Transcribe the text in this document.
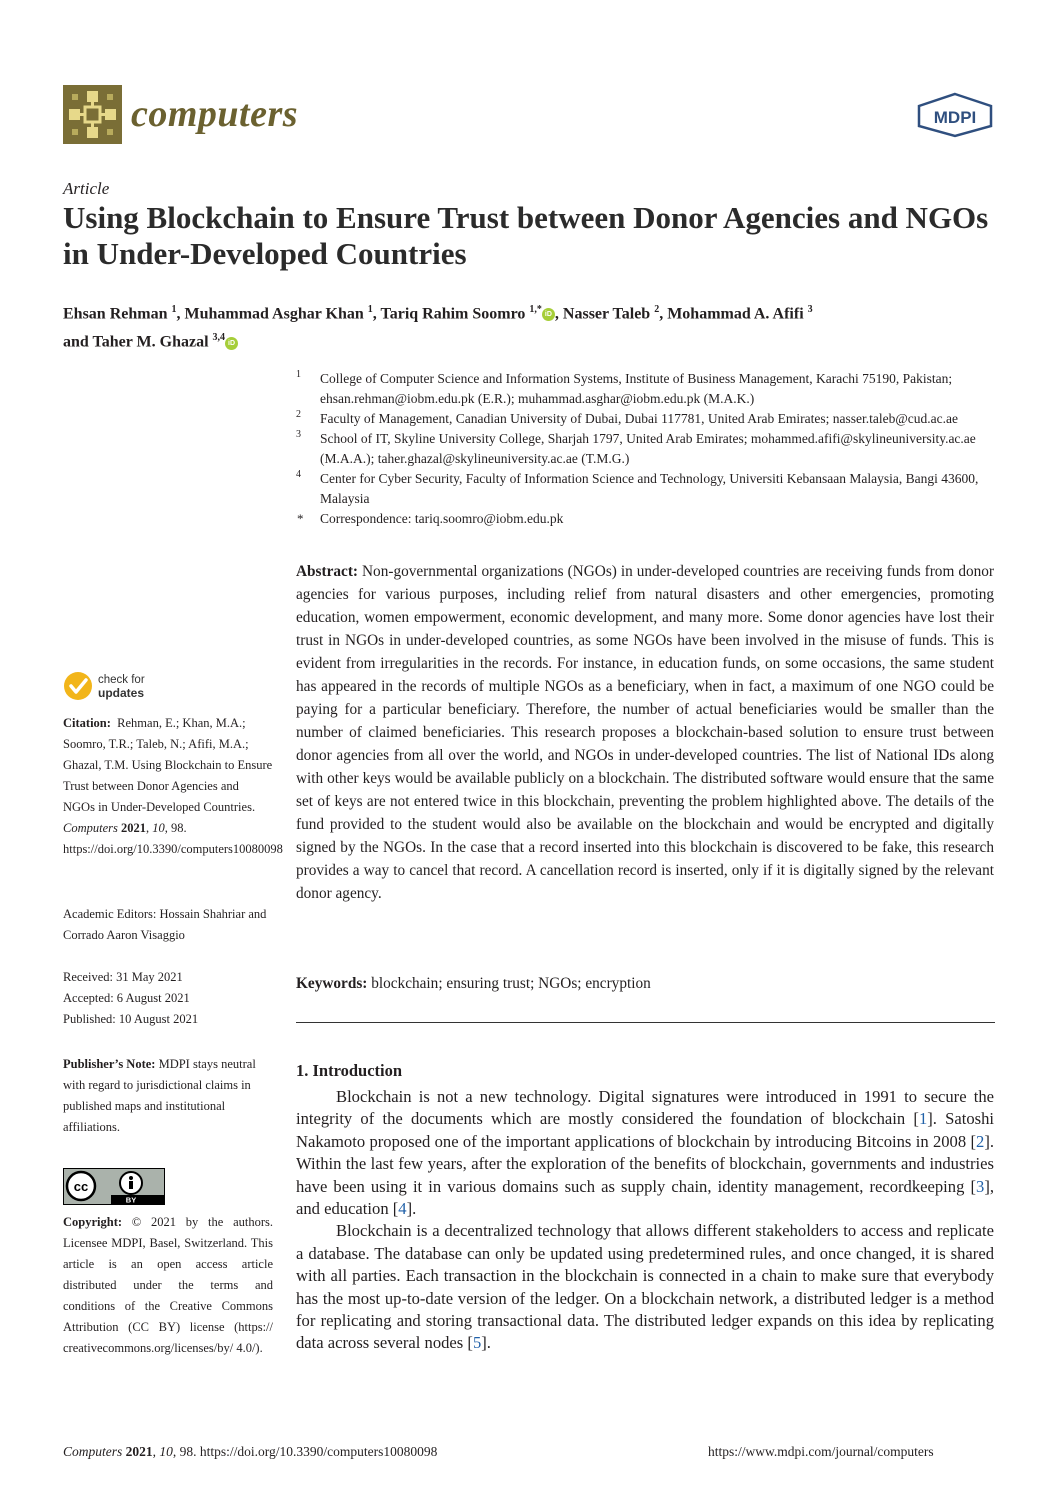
computers	MDPI
Article
Using Blockchain to Ensure Trust between Donor Agencies and NGOs in Under-Developed Countries
Ehsan Rehman $^1$, Muhammad Asghar Khan $^1$, Tariq Rahim Soomro $^{1,*}$ iD , Nasser Taleb $^2$, Mohammad A. Afifi $^3$
and Taher M. Ghazal $^{3,4}$ iD
1 College of Computer Science and Information Systems, Institute of Business Management, Karachi 75190, Pakistan; ehsan.rehman@iobm.edu.pk (E.R.); muhammad.asghar@iobm.edu.pk (M.A.K.)
2 Faculty of Management, Canadian University of Dubai, Dubai 117781, United Arab Emirates; nasser.taleb@cud.ac.ae
3 School of IT, Skyline University College, Sharjah 1797, United Arab Emirates; mohammed.afifi@skylineuniversity.ac.ae (M.A.A.); taher.ghazal@skylineuniversity.ac.ae (T.M.G.)
4 Center for Cyber Security, Faculty of Information Science and Technology, Universiti Kebansaan Malaysia, Bangi 43600, Malaysia
* Correspondence: tariq.soomro@iobm.edu.pk
Abstract: Non-governmental organizations (NGOs) in under-developed countries are receiving funds from donor agencies for various purposes, including relief from natural disasters and other emergencies, promoting education, women empowerment, economic development, and many more. Some donor agencies have lost their trust in NGOs in under-developed countries, as some NGOs have been involved in the misuse of funds. This is evident from irregularities in the records. For instance, in education funds, on some occasions, the same student has appeared in the records of multiple NGOs as a beneficiary, when in fact, a maximum of one NGO could be paying for a particular beneficiary. Therefore, the number of actual beneficiaries would be smaller than the number of claimed beneficiaries. This research proposes a blockchain-based solution to ensure trust between donor agencies from all over the world, and NGOs in under-developed countries. The list of National IDs along with other keys would be available publicly on a blockchain. The distributed software would ensure that the same set of keys are not entered twice in this blockchain, preventing the problem highlighted above. The details of the fund provided to the student would also be available on the blockchain and would be encrypted and digitally signed by the NGOs. In the case that a record inserted into this blockchain is discovered to be fake, this research provides a way to cancel that record. A cancellation record is inserted, only if it is digitally signed by the relevant donor agency.
Keywords: blockchain; ensuring trust; NGOs; encryption
1. Introduction

Blockchain is not a new technology. Digital signatures were introduced in 1991 to secure the integrity of the documents which are mostly considered the foundation of blockchain [1]. Satoshi Nakamoto proposed one of the important applications of blockchain by introducing Bitcoins in 2008 [2]. Within the last few years, after the exploration of the benefits of blockchain, governments and industries have been using it in various domains such as supply chain, identity management, recordkeeping [3], and education [4].

Blockchain is a decentralized technology that allows different stakeholders to access and replicate a database. The database can only be updated using predetermined rules, and once changed, it is shared with all parties. Each transaction in the blockchain is connected in a chain to make sure that everybody has the most up-to-date version of the ledger. On a blockchain network, a distributed ledger is a method for replicating and storing transactional data. The distributed ledger expands on this idea by replicating data across several nodes [5].

check for
updates
Citation: Rehman, E.; Khan, M.A.; Soomro, T.R.; Taleb, N.; Afifi, M.A.; Ghazal, T.M. Using Blockchain to Ensure Trust between Donor Agencies and NGOs in Under-Developed Countries. Computers 2021, 10, 98. https://doi.org/10.3390/computers10080098
Academic Editors: Hossain Shahriar and Corrado Aaron Visaggio
Received: 31 May 2021
Accepted: 6 August 2021
Published: 10 August 2021
Publisher’s Note: MDPI stays neutral with regard to jurisdictional claims in published maps and institutional affiliations.
cc
BY
Copyright: © 2021 by the authors. Licensee MDPI, Basel, Switzerland. This article is an open access article distributed under the terms and conditions of the Creative Commons Attribution (CC BY) license (https:// creativecommons.org/licenses/by/ 4.0/).
Computers 2021, 10, 98. https://doi.org/10.3390/computers10080098	https://www.mdpi.com/journal/computers
